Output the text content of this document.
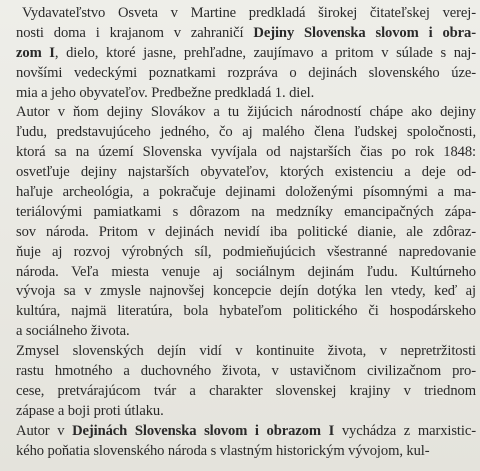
Vydavateľstvo Osveta v Martine predkladá širokej čitateľskej verej-
nosti doma i krajanom v zahraničí Dejiny Slovenska slovom i obra-
zom I, dielo, ktoré jasne, prehľadne, zaujímavo a pritom v súlade s naj-
novšími vedeckými poznatkami rozpráva o dejinách slovenského úze-
mia a jeho obyvateľov. Predbežne predkladá 1. diel.
Autor v ňom dejiny Slovákov a tu žijúcich národností chápe ako dejiny
ľudu, predstavujúceho jedného, čo aj malého člena ľudskej spoločnosti,
ktorá sa na území Slovenska vyvíjala od najstarších čias po rok 1848:
osvetľuje dejiny najstarších obyvateľov, ktorých existenciu a deje od-
haľuje archeológia, a pokračuje dejinami doloženými písomnými a ma-
teriálovými pamiatkami s dôrazom na medzníky emancipačných zápa-
sov národa. Pritom v dejinách nevidí iba politické dianie, ale zdôraz-
ňuje aj rozvoj výrobných síl, podmieňujúcich všestranné napredovanie
národa. Veľa miesta venuje aj sociálnym dejinám ľudu. Kultúrneho
vývoja sa v zmysle najnovšej koncepcie dejín dotýka len vtedy, keď aj
kultúra, najmä literatúra, bola hybateľom politického či hospodárskeho
a sociálneho života.
Zmysel slovenských dejín vidí v kontinuite života, v nepretržitosti
rastu hmotného a duchovného života, v ustavičnom civilizačnom pro-
cese, pretvárajúcom tvár a charakter slovenskej krajiny v triednom
zápase a boji proti útlaku.
Autor v Dejinách Slovenska slovom i obrazom I vychádza z marxistic-
kého poňatia slovenského národa s vlastným historickým vývojom, kul-
